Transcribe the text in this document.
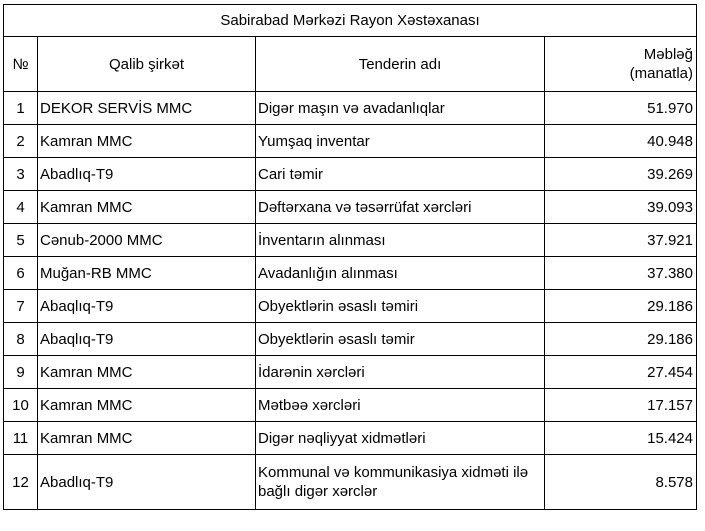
Sabirabad Mərkəzi Rayon Xəstəxanası			
№	Qalib şirkət	Tenderin adı	Məbləğ
(manatla)

1	DEKOR SERVİS MMC	Digər maşın və avadanlıqlar	51.970
2	Kamran MMC	Yumşaq inventar	40.948
3	Abadlıq-T9	Cari təmir	39.269
4	Kamran MMC	Dəftərxana və təsərrüfat xərcləri	39.093
5	Cənub-2000 MMC	İnventarın alınması	37.921
6	Muğan-RB MMC	Avadanlığın alınması	37.380
7	Abaqlıq-T9	Obyektlərin əsaslı təmiri	29.186
8	Abaqlıq-T9	Obyektlərin əsaslı təmir	29.186
9	Kamran MMC	İdarənin xərcləri	27.454
10	Kamran MMC	Mətbəə xərcləri	17.157
11	Kamran MMC	Digər nəqliyyat xidmətləri	15.424
12	Abadlıq-T9	Kommunal və kommunikasiya xidməti ilə bağlı digər xərclər	8.578
